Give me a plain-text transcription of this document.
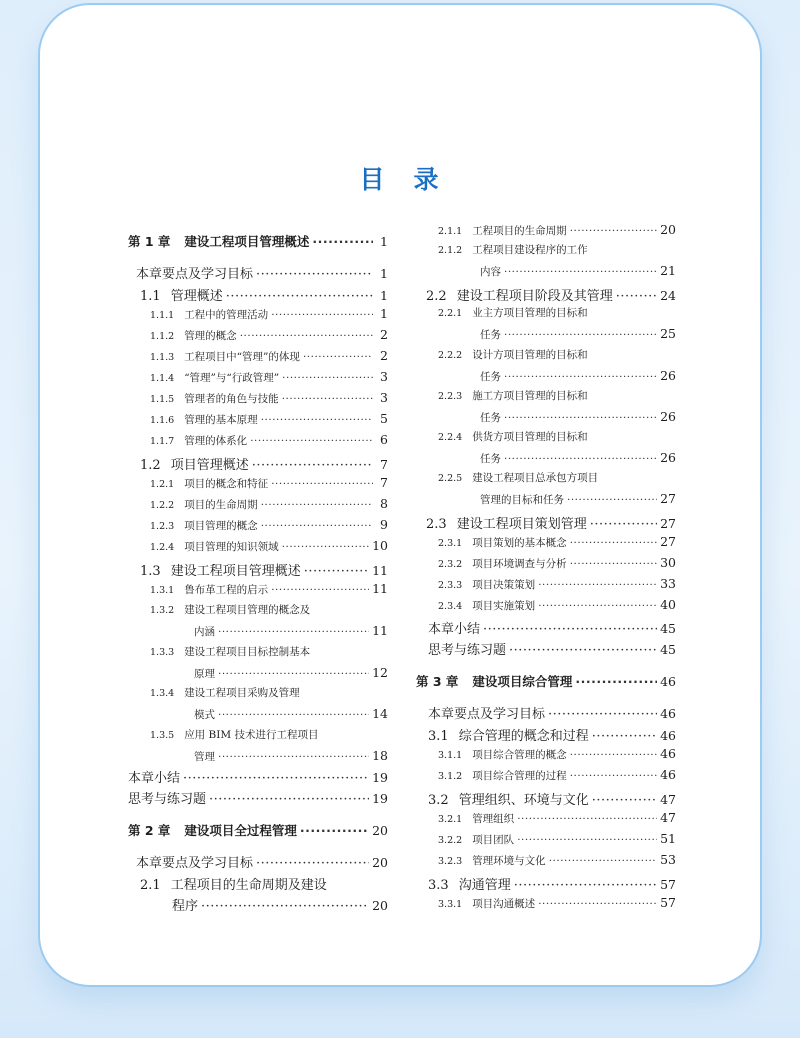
目　录
第 1 章 建设工程项目管理概述 ·····	1
本章要点及学习目标 ·····	1
1.1 管理概述 ·····	1
1.1.1 工程中的管理活动 ·····	1
1.1.2 管理的概念 ·····	2
1.1.3 工程项目中“管理”的体现 ·····	2
1.1.4 “管理”与“行政管理” ·····	3
1.1.5 管理者的角色与技能 ·····	3
1.1.6 管理的基本原理 ·····	5
1.1.7 管理的体系化 ·····	6
1.2 项目管理概述 ·····	7
1.2.1 项目的概念和特征 ·····	7
1.2.2 项目的生命周期 ·····	8
1.2.3 项目管理的概念 ·····	9
1.2.4 项目管理的知识领域 ·····	10
1.3 建设工程项目管理概述 ·····	11
1.3.1 鲁布革工程的启示 ·····	11
1.3.2 建设工程项目管理的概念及
内涵 ·····	11
1.3.3 建设工程项目目标控制基本
原理 ·····	12
1.3.4 建设工程项目采购及管理
模式 ·····	14
1.3.5 应用 BIM 技术进行工程项目
管理 ·····	18
本章小结 ·····	19
思考与练习题 ·····	19
第 2 章 建设项目全过程管理 ·····	20
本章要点及学习目标 ·····	20
2.1 工程项目的生命周期及建设
程序 ·····	20
2.1.1 工程项目的生命周期 ·····	20
2.1.2 工程项目建设程序的工作
内容 ·····	21
2.2 建设工程项目阶段及其管理 ·····	24
2.2.1 业主方项目管理的目标和
任务 ·····	25
2.2.2 设计方项目管理的目标和
任务 ·····	26
2.2.3 施工方项目管理的目标和
任务 ·····	26
2.2.4 供货方项目管理的目标和
任务 ·····	26
2.2.5 建设工程项目总承包方项目
管理的目标和任务 ·····	27
2.3 建设工程项目策划管理 ·····	27
2.3.1 项目策划的基本概念 ·····	27
2.3.2 项目环境调查与分析 ·····	30
2.3.3 项目决策策划 ·····	33
2.3.4 项目实施策划 ·····	40
本章小结 ·····	45
思考与练习题 ·····	45
第 3 章 建设项目综合管理 ·····	46
本章要点及学习目标 ·····	46
3.1 综合管理的概念和过程 ·····	46
3.1.1 项目综合管理的概念 ·····	46
3.1.2 项目综合管理的过程 ·····	46
3.2 管理组织、环境与文化 ·····	47
3.2.1 管理组织 ·····	47
3.2.2 项目团队 ·····	51
3.2.3 管理环境与文化 ·····	53
3.3 沟通管理 ·····	57
3.3.1 项目沟通概述 ·····	57
